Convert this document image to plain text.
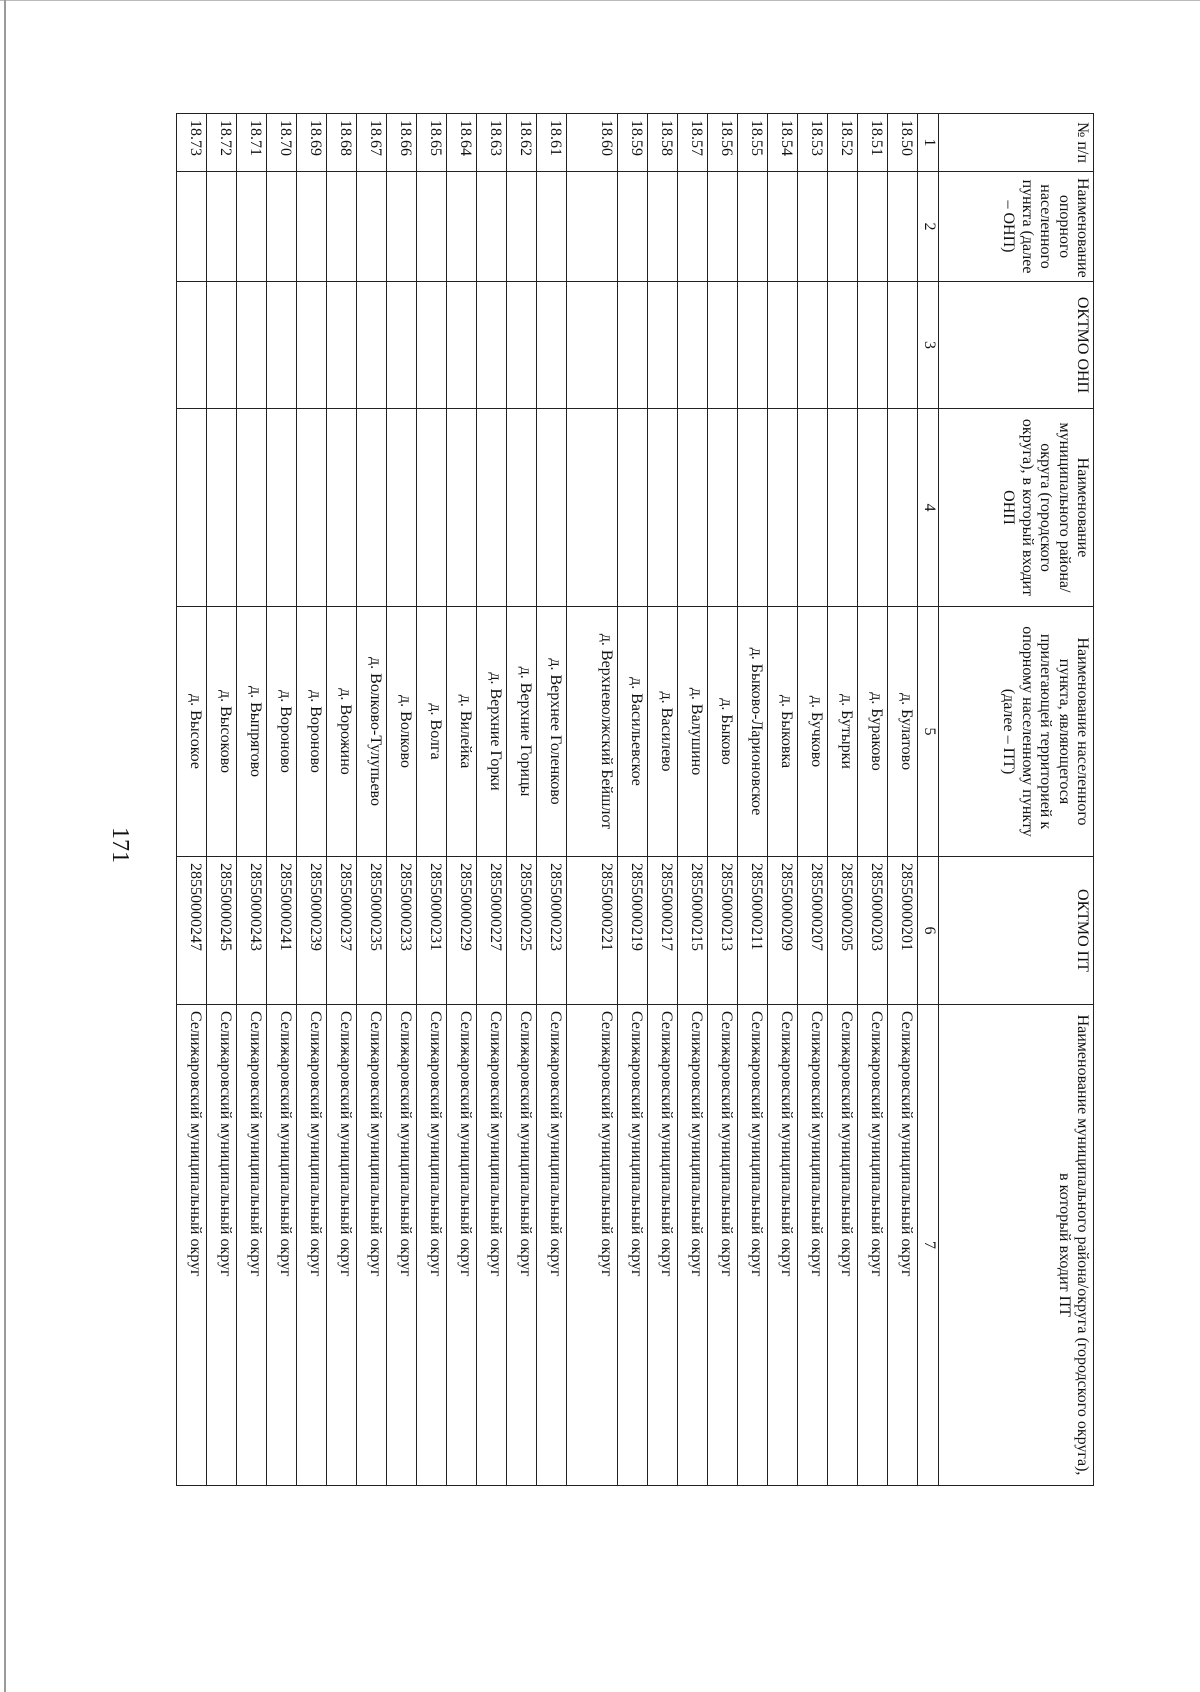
171
№ п/п	Наименование опорного населенного пункта (далее – ОНП)	ОКТМО ОНП	Наименование муниципального района/округа (городского округа), в который входит ОНП	Наименование населенного пункта, являющегося прилегающей территорией к опорному населенному пункту (далее – ПТ)	ОКТМО ПТ	Наименование муниципального района/округа (городского округа), в который входит ПТ
1	2	3	4	5	6	7
18.50				д. Булатово	28550000201	Селижаровский муниципальный округ
18.51				д. Бураково	28550000203	Селижаровский муниципальный округ
18.52				д. Бутырки	28550000205	Селижаровский муниципальный округ
18.53				д. Бучково	28550000207	Селижаровский муниципальный округ
18.54				д. Быковка	28550000209	Селижаровский муниципальный округ
18.55				д. Быково-Ларионовское	28550000211	Селижаровский муниципальный округ
18.56				д. Быково	28550000213	Селижаровский муниципальный округ
18.57				д. Валушино	28550000215	Селижаровский муниципальный округ
18.58				д. Василево	28550000217	Селижаровский муниципальный округ
18.59				д. Васильевское	28550000219	Селижаровский муниципальный округ
18.60				д. Верхневолжский Бейшлот	28550000221	Селижаровский муниципальный округ
18.61				д. Верхнее Голенково	28550000223	Селижаровский муниципальный округ
18.62				д. Верхние Горицы	28550000225	Селижаровский муниципальный округ
18.63				д. Верхние Горки	28550000227	Селижаровский муниципальный округ
18.64				д. Вилейка	28550000229	Селижаровский муниципальный округ
18.65				д. Волга	28550000231	Селижаровский муниципальный округ
18.66				д. Волково	28550000233	Селижаровский муниципальный округ
18.67				д. Волково-Тулупьево	28550000235	Селижаровский муниципальный округ
18.68				д. Ворожино	28550000237	Селижаровский муниципальный округ
18.69				д. Вороново	28550000239	Селижаровский муниципальный округ
18.70				д. Вороново	28550000241	Селижаровский муниципальный округ
18.71				д. Выпрягово	28550000243	Селижаровский муниципальный округ
18.72				д. Высоково	28550000245	Селижаровский муниципальный округ
18.73				д. Высокое	28550000247	Селижаровский муниципальный округ
